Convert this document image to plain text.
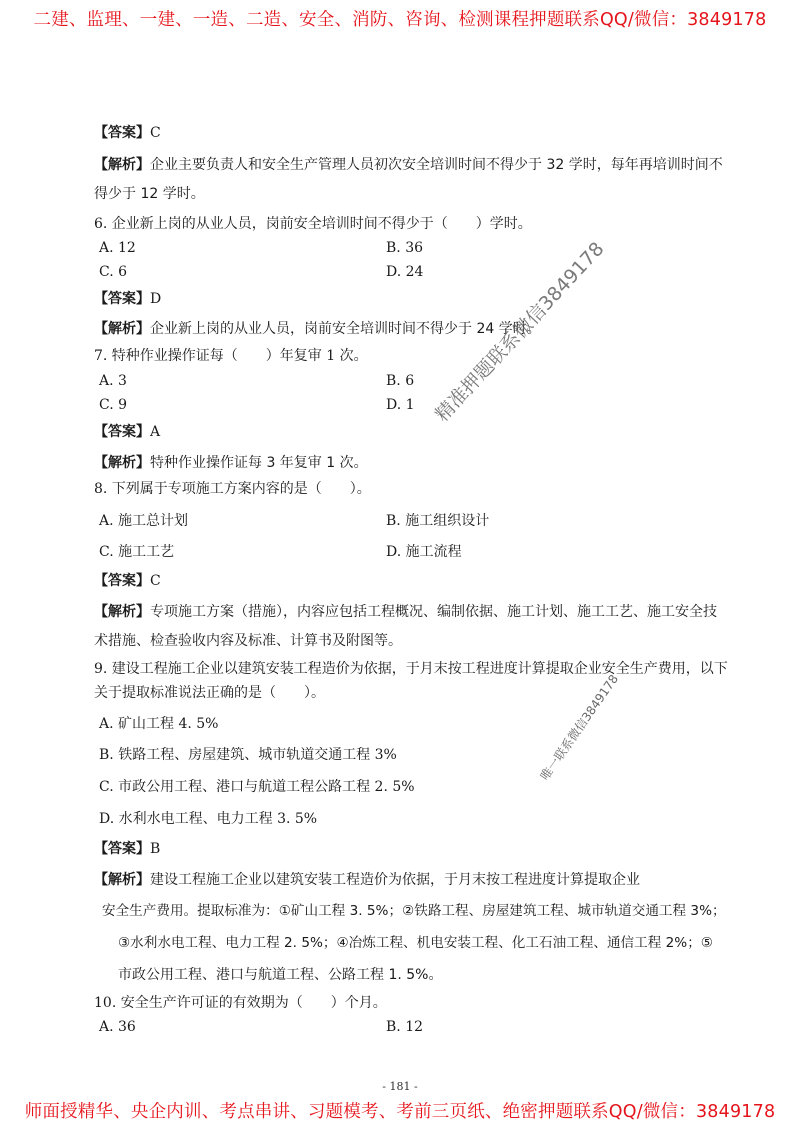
二建、监理、一建、一造、二造、安全、消防、咨询、检测课程押题联系QQ/微信：3849178
【答案】C
【解析】企业主要负责人和安全生产管理人员初次安全培训时间不得少于 32 学时，每年再培训时间不
得少于 12 学时。
6. 企业新上岗的从业人员，岗前安全培训时间不得少于（　　）学时。
A. 12	B. 36
C. 6	D. 24
【答案】D
【解析】企业新上岗的从业人员，岗前安全培训时间不得少于 24 学时。
7. 特种作业操作证每（　　）年复审 1 次。
A. 3	B. 6
C. 9	D. 1
【答案】A
【解析】特种作业操作证每 3 年复审 1 次。
8. 下列属于专项施工方案内容的是（　　）。
A. 施工总计划	B. 施工组织设计
C. 施工工艺	D. 施工流程
【答案】C
【解析】专项施工方案（措施），内容应包括工程概况、编制依据、施工计划、施工工艺、施工安全技
术措施、检查验收内容及标准、计算书及附图等。
9. 建设工程施工企业以建筑安装工程造价为依据，于月末按工程进度计算提取企业安全生产费用，以下
关于提取标准说法正确的是（　　）。
A. 矿山工程 4. 5%
B. 铁路工程、房屋建筑、城市轨道交通工程 3%
C. 市政公用工程、港口与航道工程公路工程 2. 5%
D. 水利水电工程、电力工程 3. 5%
【答案】B
【解析】建设工程施工企业以建筑安装工程造价为依据，于月末按工程进度计算提取企业
安全生产费用。提取标准为：①矿山工程 3. 5%；②铁路工程、房屋建筑工程、城市轨道交通工程 3%；
③水利水电工程、电力工程 2. 5%；④冶炼工程、机电安装工程、化工石油工程、通信工程 2%；⑤
市政公用工程、港口与航道工程、公路工程 1. 5%。
10. 安全生产许可证的有效期为（　　）个月。
A. 36	B. 12
- 181 -
精准押题联系微信3849178
唯一联系微信3849178
师面授精华、央企内训、考点串讲、习题模考、考前三页纸、绝密押题联系QQ/微信：3849178
